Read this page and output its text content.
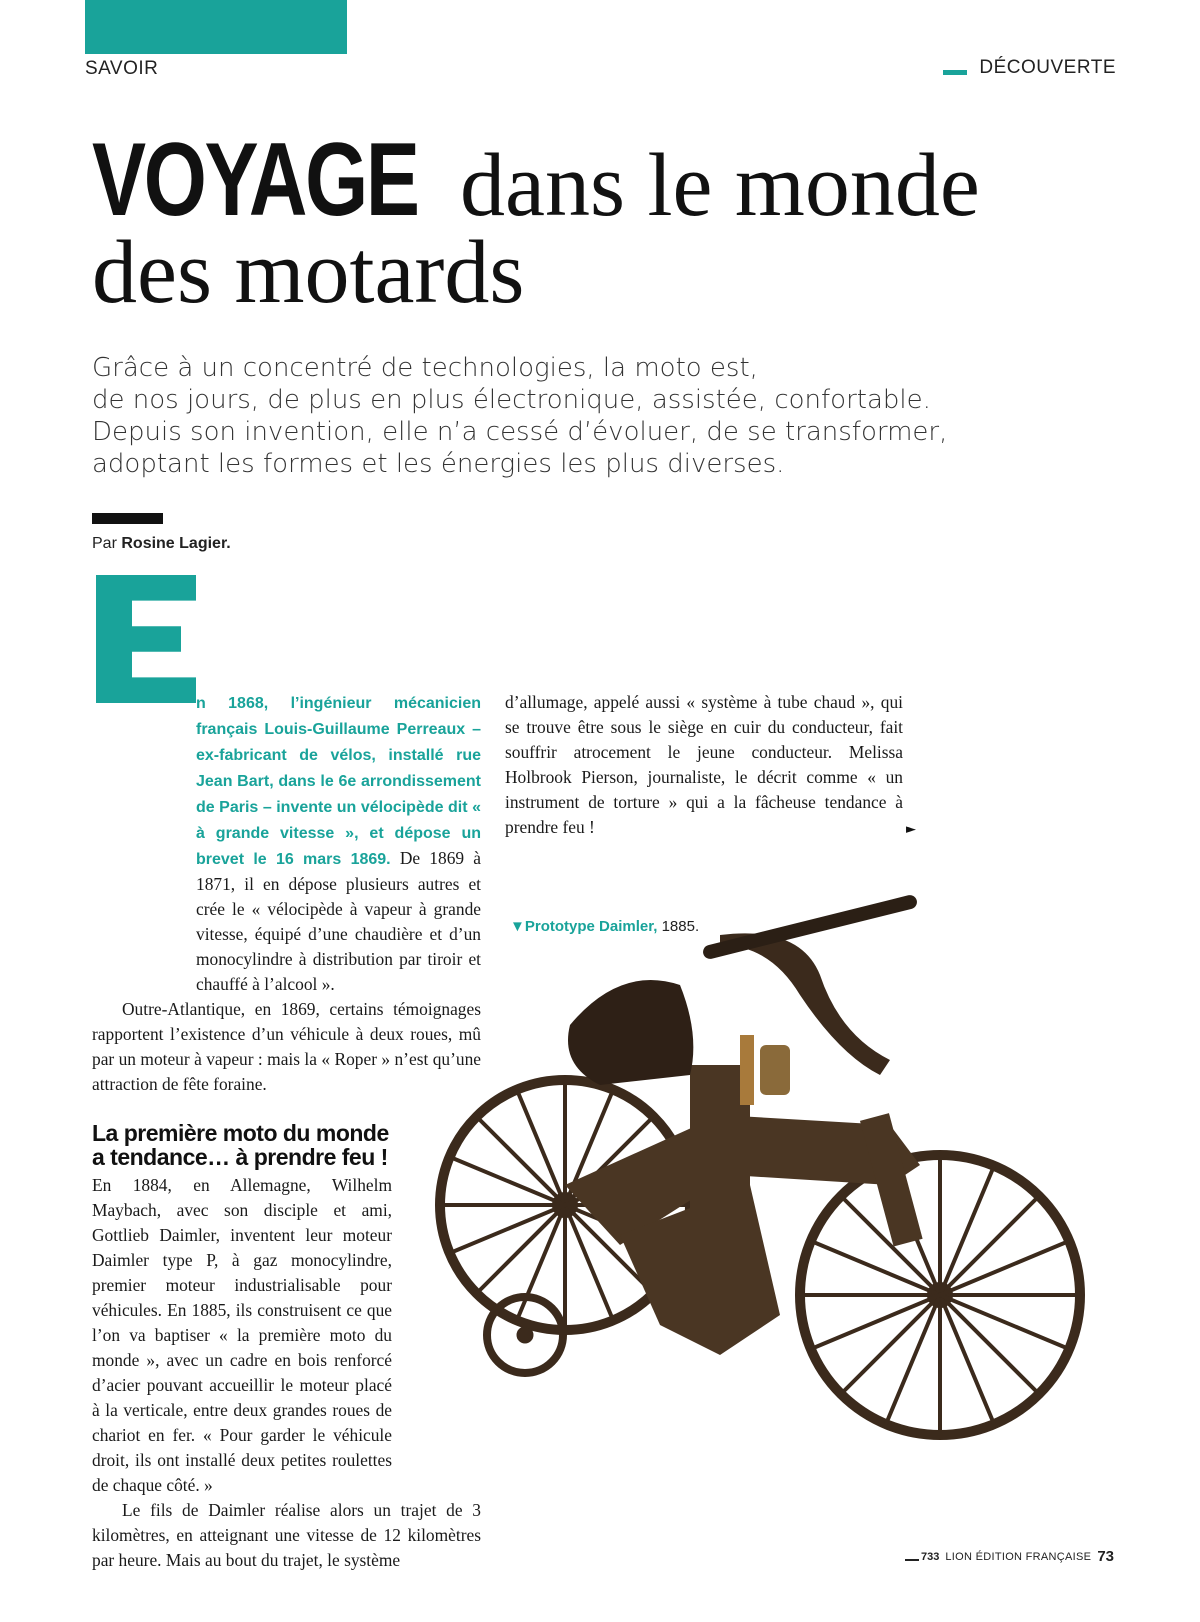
SAVOIR	DÉCOUVERTE
VOYAGE dans le monde
des motards
Grâce à un concentré de technologies, la moto est,
de nos jours, de plus en plus électronique, assistée, confortable.
Depuis son invention, elle n’a cessé d’évoluer, de se transformer,
adoptant les formes et les énergies les plus diverses.
Par Rosine Lagier.

n 1868, l’ingénieur mécanicien français Louis-Guillaume Perreaux – ex-fabricant de vélos, installé rue Jean Bart, dans le 6e arrondissement de Paris – invente un vélocipède dit « à grande vitesse », et dépose un brevet le 16 mars 1869. De 1869 à 1871, il en dépose plusieurs autres et crée le « vélocipède à vapeur à grande vitesse, équipé d’une chaudière et d’un monocylindre à distribution par tiroir et chauffé à l’alcool ».

Outre-Atlantique, en 1869, certains témoignages rapportent l’existence d’un véhicule à deux roues, mû par un moteur à vapeur : mais la « Roper » n’est qu’une attraction de fête foraine.

La première moto du monde
a tendance… à prendre feu !

En 1884, en Allemagne, Wilhelm Maybach, avec son disciple et ami, Gottlieb Daimler, inventent leur moteur Daimler type P, à gaz monocylindre, premier moteur industrialisable pour véhicules. En 1885, ils construisent ce que l’on va baptiser « la première moto du monde », avec un cadre en bois renforcé d’acier pouvant accueillir le moteur placé à la verticale, entre deux grandes roues de chariot en fer. « Pour garder le véhicule droit, ils ont installé deux petites roulettes de chaque côté. »

Le fils de Daimler réalise alors un trajet de 3 kilomètres, en atteignant une vitesse de 12 kilomètres par heure. Mais au bout du trajet, le système

d’allumage, appelé aussi « système à tube chaud », qui se trouve être sous le siège en cuir du conducteur, fait souffrir atrocement le jeune conducteur. Melissa Holbrook Pierson, journaliste, le décrit comme « un instrument de torture » qui a la fâcheuse tendance à prendre feu !	►
▼Prototype Daimler, 1885.
733 LION ÉDITION FRANÇAISE 73
